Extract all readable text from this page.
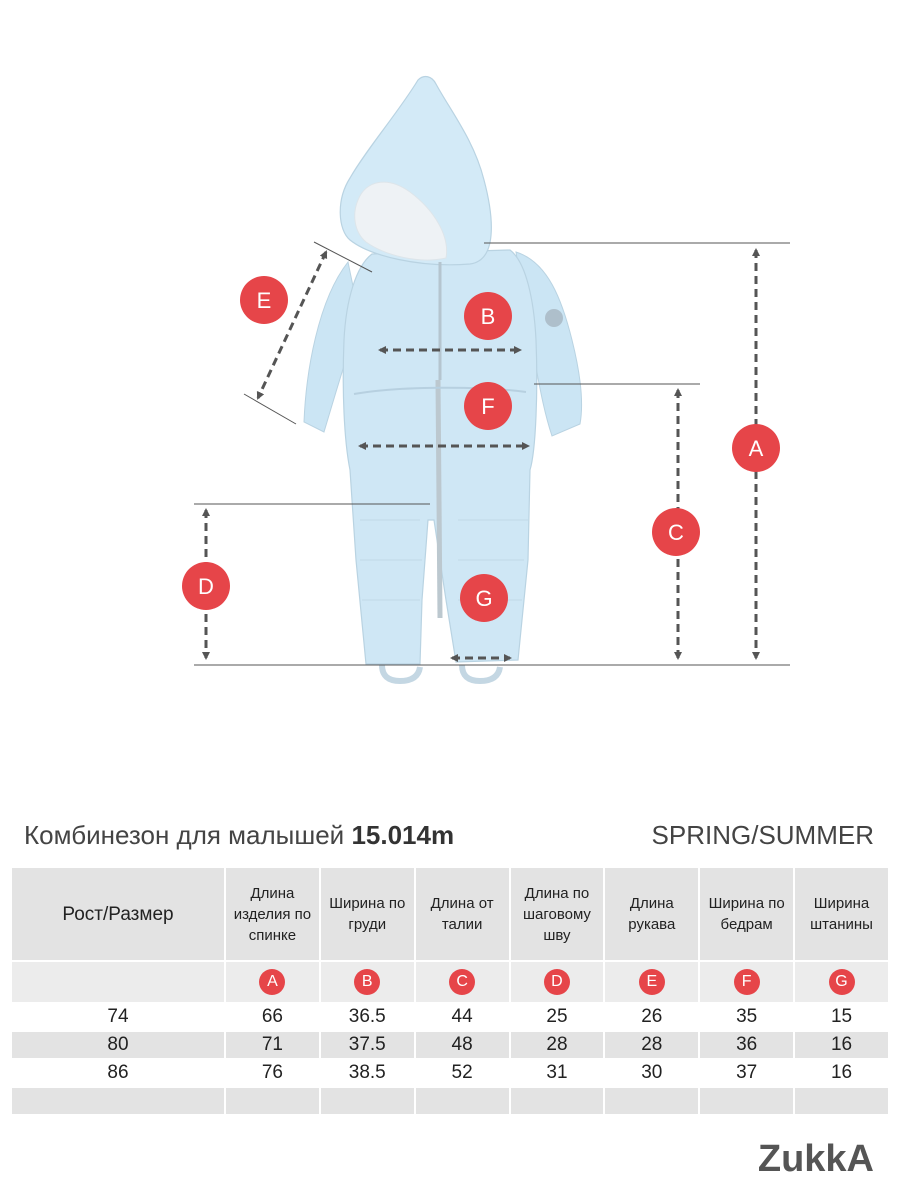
E
B
F
A
C
D	G
Комбинезон для малышей 15.014m	SPRING/SUMMER
Рост/Размер	Длина изделия по спинке	Ширина по груди	Длина от талии	Длина по шаговому шву	Длина рукава	Ширина по бедрам	Ширина штанины
	A	B	C	D	E	F	G
74	66	36.5	44	25	26	35	15
80	71	37.5	48	28	28	36	16
86	76	38.5	52	31	30	37	16

ZukkA
